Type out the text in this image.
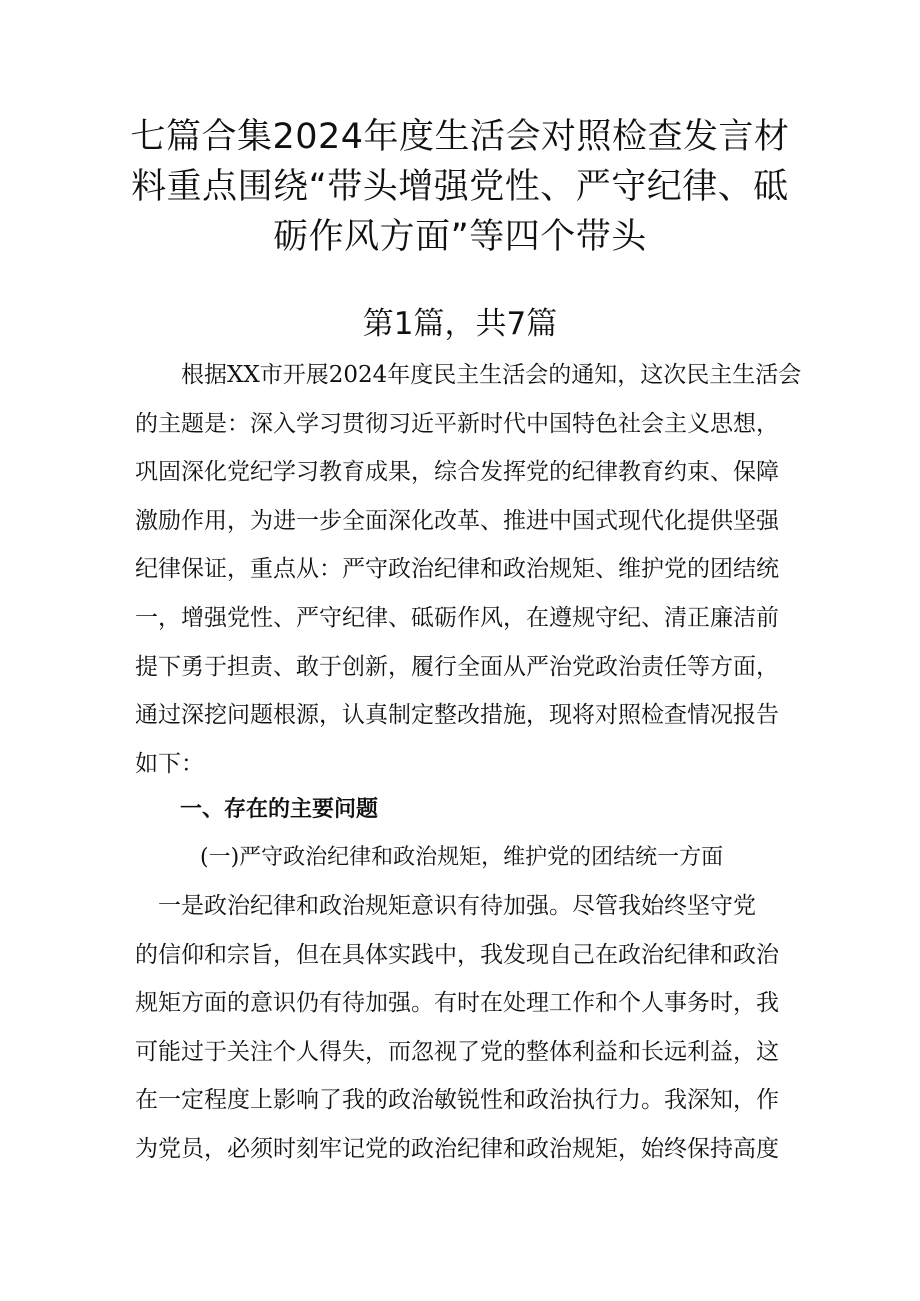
七篇合集2024年度生活会对照检查发言材
料重点围绕“带头增强党性、严守纪律、砥
砺作风方面”等四个带头
第1篇，共7篇
　　根据XX市开展2024年度民主生活会的通知，这次民主生活会
的主题是：深入学习贯彻习近平新时代中国特色社会主义思想，
巩固深化党纪学习教育成果，综合发挥党的纪律教育约束、保障
激励作用，为进一步全面深化改革、推进中国式现代化提供坚强
纪律保证，重点从：严守政治纪律和政治规矩、维护党的团结统
一，增强党性、严守纪律、砥砺作风，在遵规守纪、清正廉洁前
提下勇于担责、敢于创新，履行全面从严治党政治责任等方面，
通过深挖问题根源，认真制定整改措施，现将对照检查情况报告
如下：
一、存在的主要问题
(一)严守政治纪律和政治规矩，维护党的团结统一方面
　一是政治纪律和政治规矩意识有待加强。尽管我始终坚守党
的信仰和宗旨，但在具体实践中，我发现自己在政治纪律和政治
规矩方面的意识仍有待加强。有时在处理工作和个人事务时，我
可能过于关注个人得失，而忽视了党的整体利益和长远利益，这
在一定程度上影响了我的政治敏锐性和政治执行力。我深知，作
为党员，必须时刻牢记党的政治纪律和政治规矩，始终保持高度
